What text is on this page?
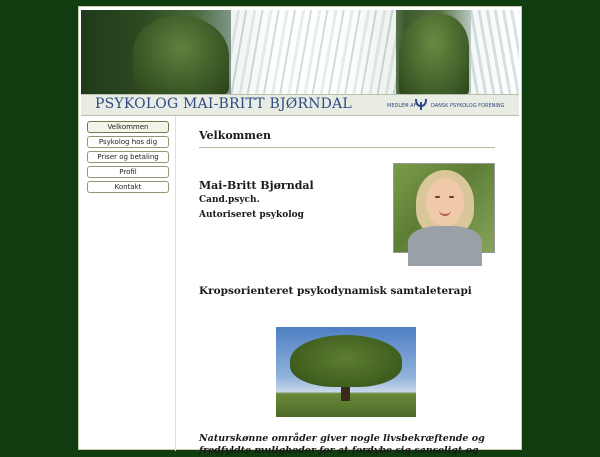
PSYKOLOG MAI-BRITT BJØRNDAL	MEDLEM AF	DANSK PSYKOLOG FORENING
Velkommen
Psykolog hos dig
Priser og betaling
Profil
Kontakt
Velkommen
Mai-Britt Bjørndal
Cand.psych.
Autoriseret psykolog
Kropsorienteret psykodynamisk samtaleterapi

Naturskønne områder giver nogle livsbekræftende og fredfyldte muligheder for at fordybe sig sanseligt og
